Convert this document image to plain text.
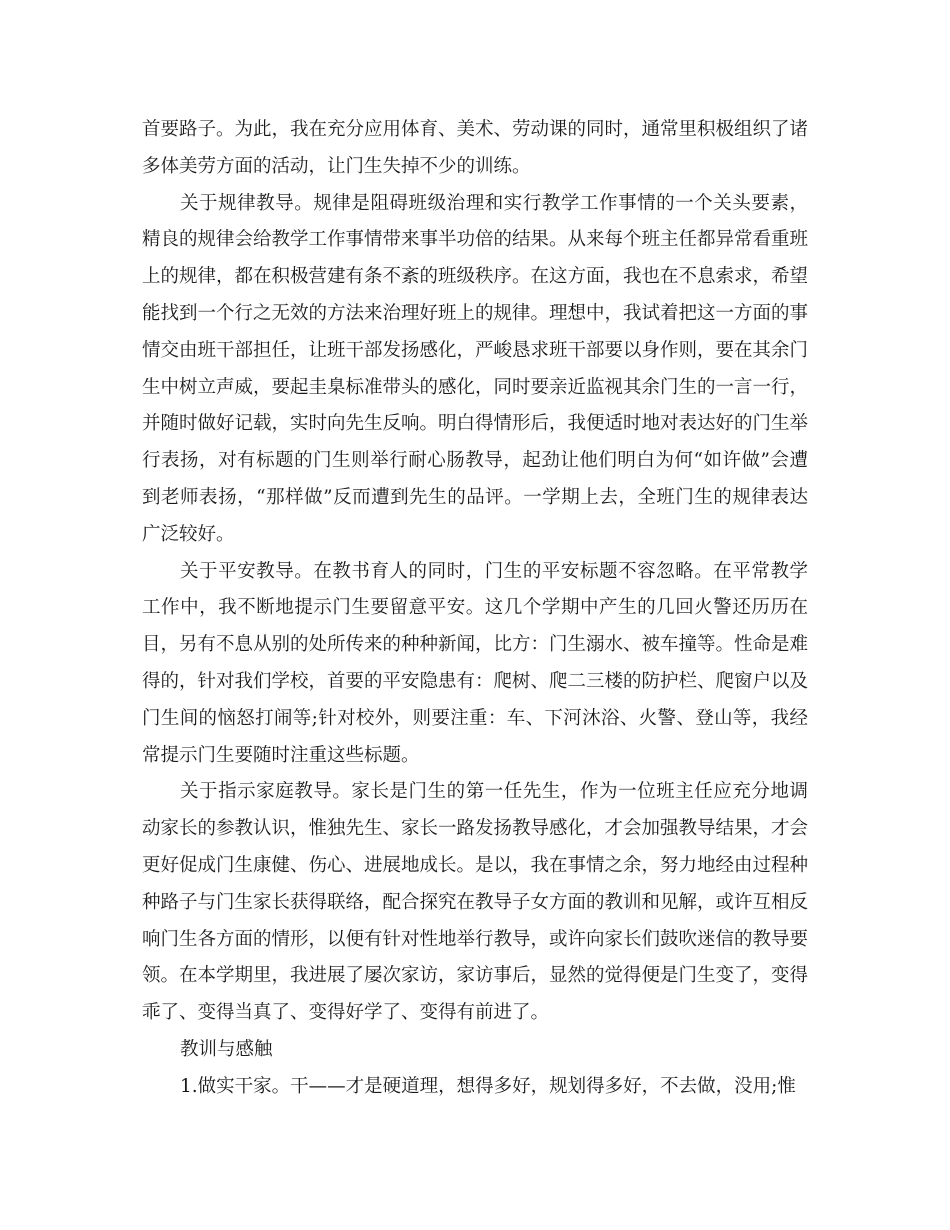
首要路子。为此，我在充分应用体育、美术、劳动课的同时，通常里积极组织了诸多体美劳方面的活动，让门生失掉不少的训练。

关于规律教导。规律是阻碍班级治理和实行教学工作事情的一个关头要素，精良的规律会给教学工作事情带来事半功倍的结果。从来每个班主任都异常看重班上的规律，都在积极营建有条不紊的班级秩序。在这方面，我也在不息索求，希望能找到一个行之无效的方法来治理好班上的规律。理想中，我试着把这一方面的事情交由班干部担任，让班干部发扬感化，严峻恳求班干部要以身作则，要在其余门生中树立声威，要起圭臬标准带头的感化，同时要亲近监视其余门生的一言一行，并随时做好记载，实时向先生反响。明白得情形后，我便适时地对表达好的门生举行表扬，对有标题的门生则举行耐心肠教导，起劲让他们明白为何“如许做”会遭到老师表扬，“那样做”反而遭到先生的品评。一学期上去，全班门生的规律表达广泛较好。

关于平安教导。在教书育人的同时，门生的平安标题不容忽略。在平常教学工作中，我不断地提示门生要留意平安。这几个学期中产生的几回火警还历历在目，另有不息从别的处所传来的种种新闻，比方：门生溺水、被车撞等。性命是难得的，针对我们学校，首要的平安隐患有：爬树、爬二三楼的防护栏、爬窗户以及门生间的恼怒打闹等;针对校外，则要注重：车、下河沐浴、火警、登山等，我经常提示门生要随时注重这些标题。

关于指示家庭教导。家长是门生的第一任先生，作为一位班主任应充分地调动家长的参教认识，惟独先生、家长一路发扬教导感化，才会加强教导结果，才会更好促成门生康健、伤心、进展地成长。是以，我在事情之余，努力地经由过程种种路子与门生家长获得联络，配合探究在教导子女方面的教训和见解，或许互相反响门生各方面的情形，以便有针对性地举行教导，或许向家长们鼓吹迷信的教导要领。在本学期里，我进展了屡次家访，家访事后，显然的觉得便是门生变了，变得乖了、变得当真了、变得好学了、变得有前进了。

教训与感触

1.做实干家。干——才是硬道理，想得多好，规划得多好，不去做，没用;惟
